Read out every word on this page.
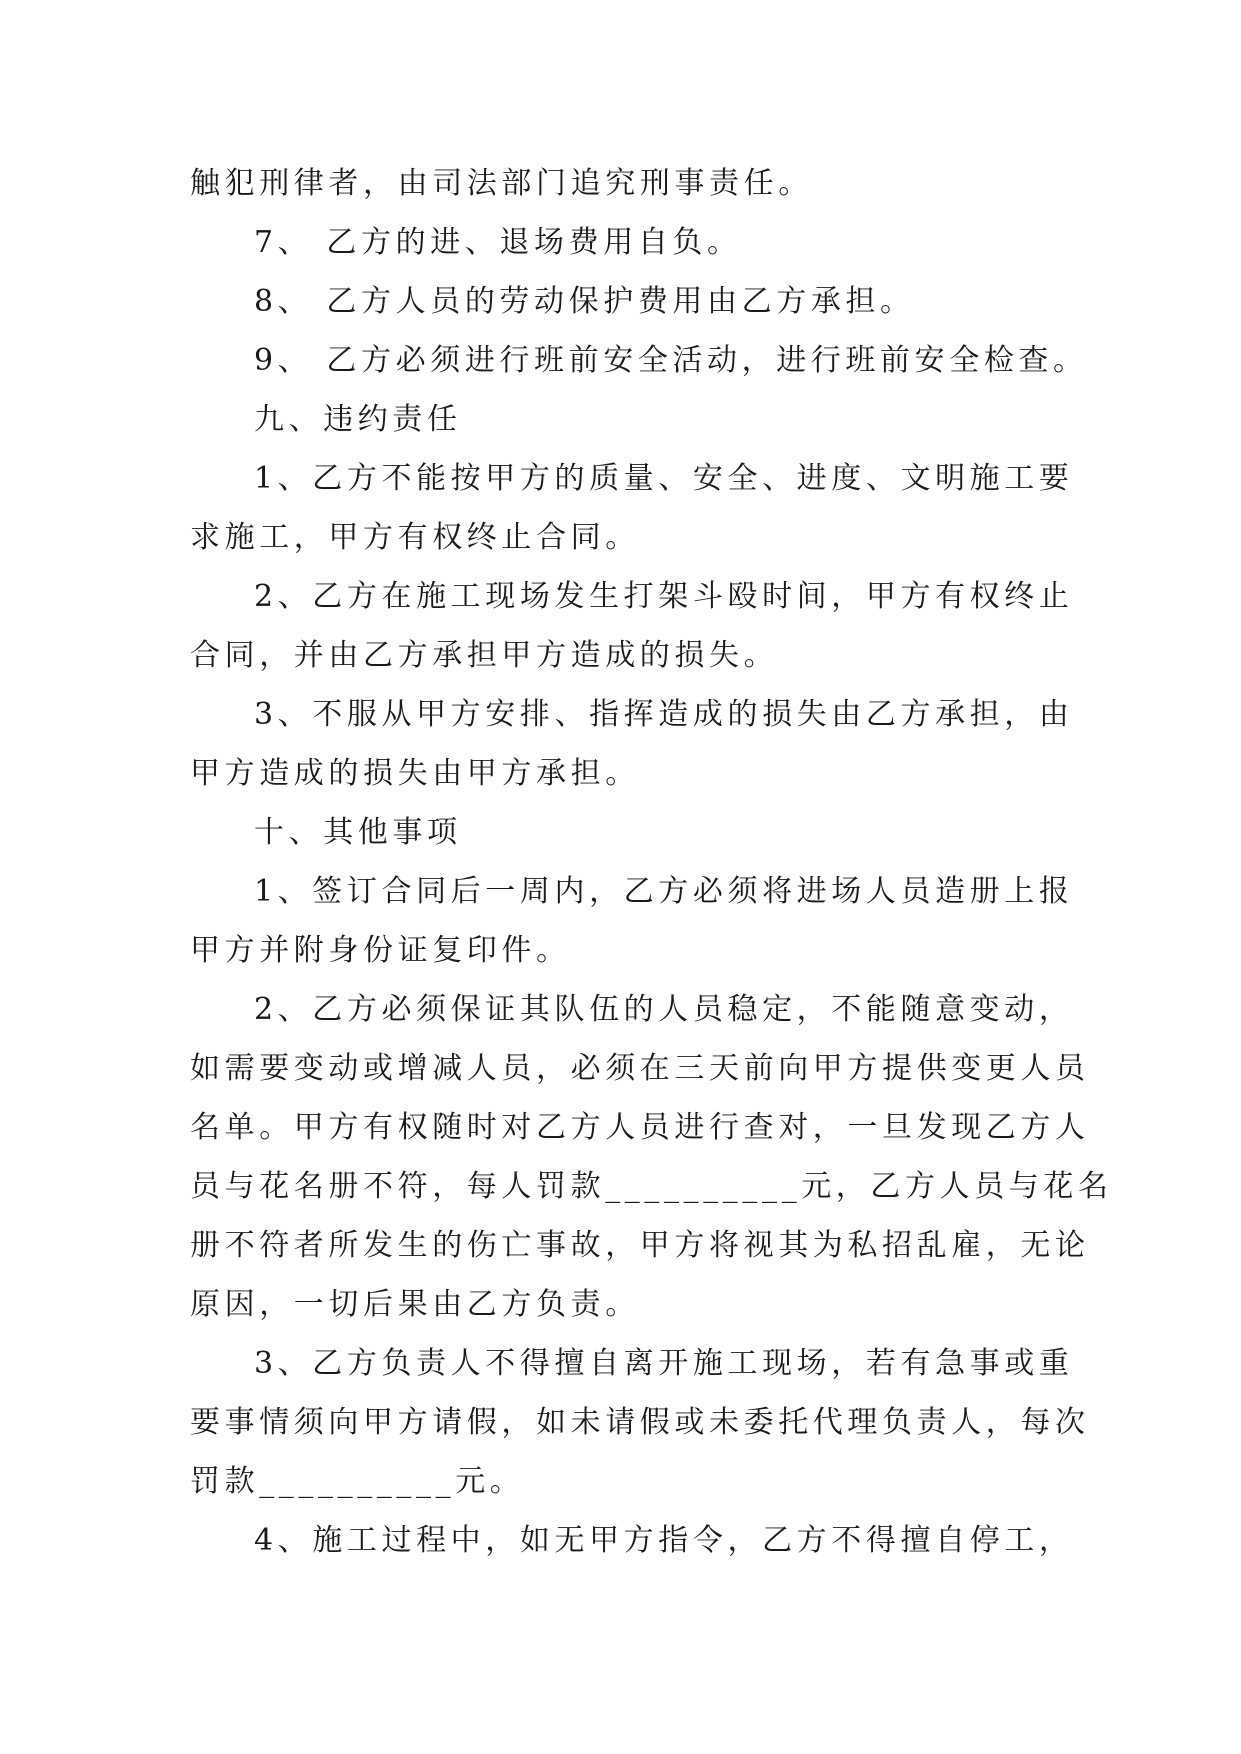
触犯刑律者，由司法部门追究刑事责任。
7、 乙方的进、退场费用自负。
8、 乙方人员的劳动保护费用由乙方承担。
9、 乙方必须进行班前安全活动，进行班前安全检查。
九、违约责任
1、乙方不能按甲方的质量、安全、进度、文明施工要
求施工，甲方有权终止合同。
2、乙方在施工现场发生打架斗殴时间，甲方有权终止
合同，并由乙方承担甲方造成的损失。
3、不服从甲方安排、指挥造成的损失由乙方承担，由
甲方造成的损失由甲方承担。
十、其他事项
1、签订合同后一周内，乙方必须将进场人员造册上报
甲方并附身份证复印件。
2、乙方必须保证其队伍的人员稳定，不能随意变动，
如需要变动或增减人员，必须在三天前向甲方提供变更人员
名单。甲方有权随时对乙方人员进行查对，一旦发现乙方人
员与花名册不符，每人罚款__________元，乙方人员与花名
册不符者所发生的伤亡事故，甲方将视其为私招乱雇，无论
原因，一切后果由乙方负责。
3、乙方负责人不得擅自离开施工现场，若有急事或重
要事情须向甲方请假，如未请假或未委托代理负责人，每次
罚款__________元。
4、施工过程中，如无甲方指令，乙方不得擅自停工，
